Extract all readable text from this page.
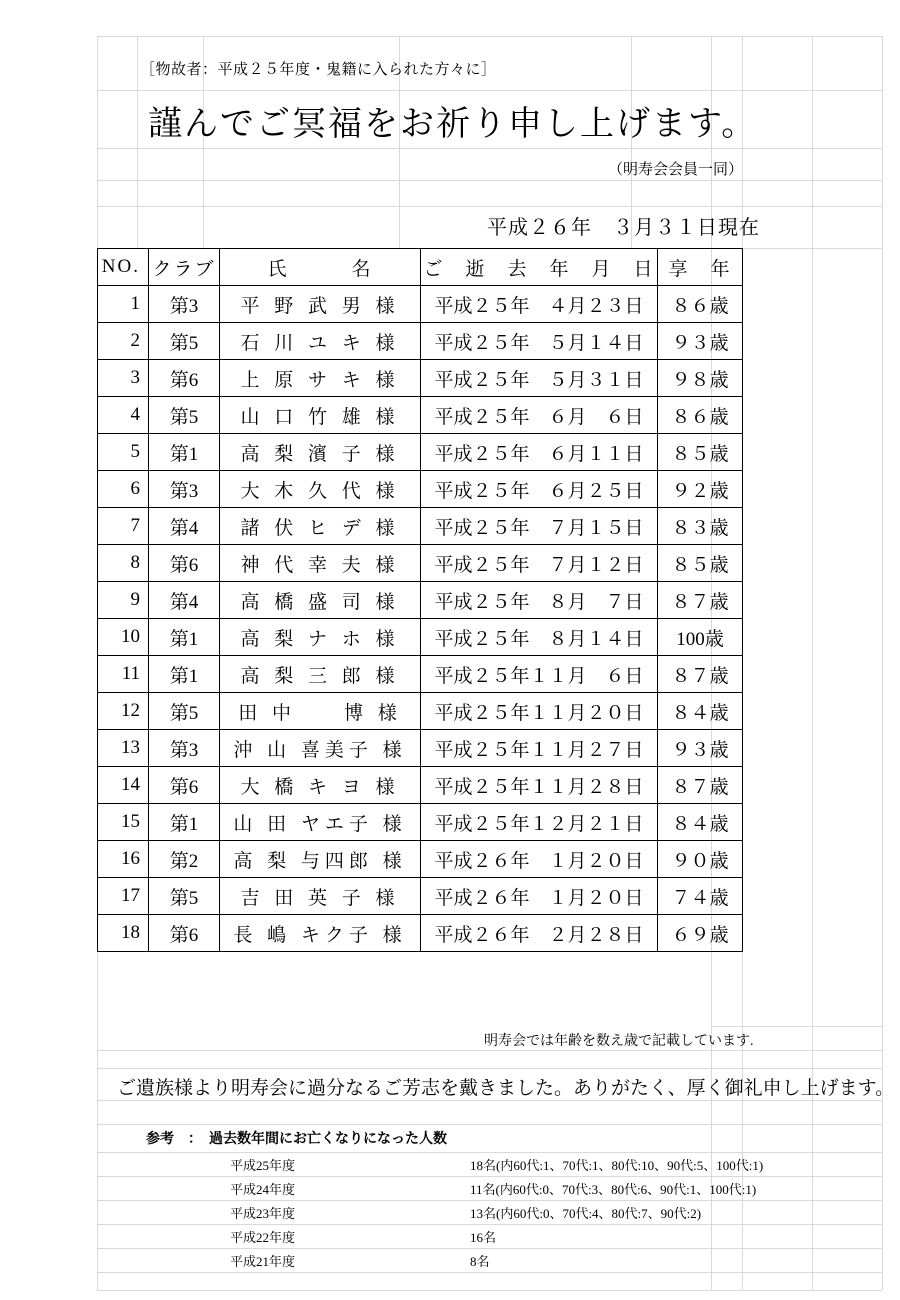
［物故者：平成２５年度・鬼籍に入られた方々に］
謹んでご冥福をお祈り申し上げます。
（明寿会会員一同）
平成２６年　３月３１日現在
NO.	クラブ	氏　　　名	ご　逝　去　年　月　日	享　年
1	第3	平 野 武 男 様	平成２５年　４月２３日	８６歳
2	第5	石 川 ユ キ 様	平成２５年　５月１４日	９３歳
3	第6	上 原 サ キ 様	平成２５年　５月３１日	９８歳
4	第5	山 口 竹 雄 様	平成２５年　６月　６日	８６歳
5	第1	高 梨 濱 子 様	平成２５年　６月１１日	８５歳
6	第3	大 木 久 代 様	平成２５年　６月２５日	９２歳
7	第4	諸 伏 ヒ デ 様	平成２５年　７月１５日	８３歳
8	第6	神 代 幸 夫 様	平成２５年　７月１２日	８５歳
9	第4	高 橋 盛 司 様	平成２５年　８月　７日	８７歳
10	第1	高 梨 ナ ホ 様	平成２５年　８月１４日	100歳
11	第1	高 梨 三 郎 様	平成２５年１１月　６日	８７歳
12	第5	田 中　　博 様	平成２５年１１月２０日	８４歳
13	第3	沖 山 喜美子 様	平成２５年１１月２７日	９３歳
14	第6	大 橋 キ ヨ 様	平成２５年１１月２８日	８７歳
15	第1	山 田 ヤエ子 様	平成２５年１２月２１日	８４歳
16	第2	高 梨 与四郎 様	平成２６年　１月２０日	９０歳
17	第5	吉 田 英 子 様	平成２６年　１月２０日	７４歳
18	第6	長 嶋 キク子 様	平成２６年　２月２８日	６９歳
明寿会では年齢を数え歳で記載しています.
ご遺族様より明寿会に過分なるご芳志を戴きました。ありがたく、厚く御礼申し上げます。
参考　：　過去数年間にお亡くなりになった人数
平成25年度	18名(内60代:1、70代:1、80代:10、90代:5、100代:1)
平成24年度	11名(内60代:0、70代:3、80代:6、90代:1、100代:1)
平成23年度	13名(内60代:0、70代:4、80代:7、90代:2)
平成22年度	16名
平成21年度	8名
